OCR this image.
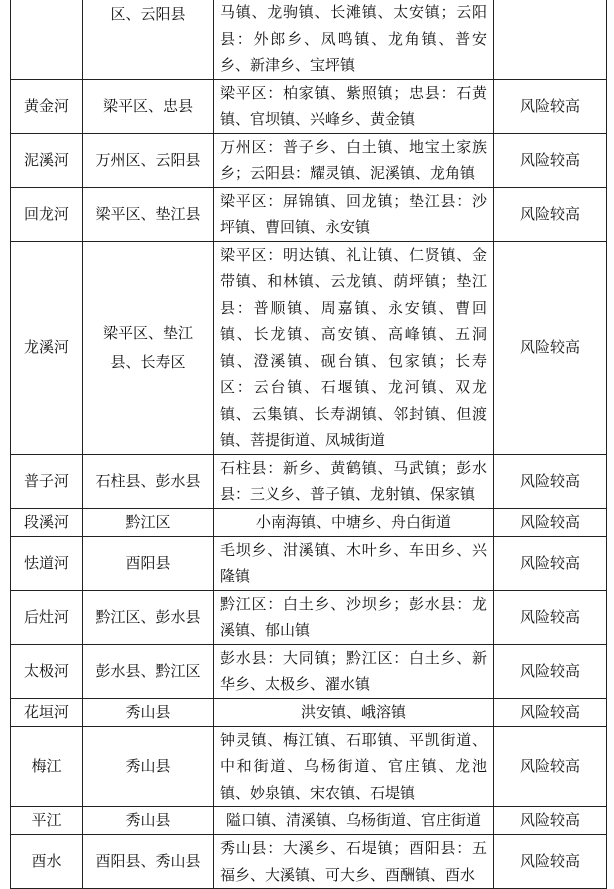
	区、云阳县	马镇、龙驹镇、长滩镇、太安镇；云阳县：外郎乡、凤鸣镇、龙角镇、普安乡、新津乡、宝坪镇	
黄金河	梁平区、忠县	梁平区：柏家镇、紫照镇；忠县：石黄镇、官坝镇、兴峰乡、黄金镇	风险较高
泥溪河	万州区、云阳县	万州区：普子乡、白土镇、地宝土家族乡；云阳县：耀灵镇、泥溪镇、龙角镇	风险较高
回龙河	梁平区、垫江县	梁平区：屏锦镇、回龙镇；垫江县：沙坪镇、曹回镇、永安镇	风险较高
龙溪河	梁平区、垫江县、长寿区	梁平区：明达镇、礼让镇、仁贤镇、金带镇、和林镇、云龙镇、荫坪镇；垫江县：普顺镇、周嘉镇、永安镇、曹回镇、长龙镇、高安镇、高峰镇、五洞镇、澄溪镇、砚台镇、包家镇；长寿区：云台镇、石堰镇、龙河镇、双龙镇、云集镇、长寿湖镇、邻封镇、但渡镇、菩提街道、凤城街道	风险较高
普子河	石柱县、彭水县	石柱县：新乡、黄鹤镇、马武镇；彭水县：三义乡、普子镇、龙射镇、保家镇	风险较高
段溪河	黔江区	小南海镇、中塘乡、舟白街道	风险较高
怯道河	酉阳县	毛坝乡、泔溪镇、木叶乡、车田乡、兴隆镇	风险较高
后灶河	黔江区、彭水县	黔江区：白土乡、沙坝乡；彭水县：龙溪镇、郁山镇	风险较高
太极河	彭水县、黔江区	彭水县：大同镇；黔江区：白土乡、新华乡、太极乡、濯水镇	风险较高
花垣河	秀山县	洪安镇、峨溶镇	风险较高
梅江	秀山县	钟灵镇、梅江镇、石耶镇、平凯街道、中和街道、乌杨街道、官庄镇、龙池镇、妙泉镇、宋农镇、石堤镇	风险较高
平江	秀山县	隘口镇、清溪镇、乌杨街道、官庄街道	风险较高
酉水	酉阳县、秀山县	秀山县：大溪乡、石堤镇；酉阳县：五福乡、大溪镇、可大乡、酉酬镇、酉水	风险较高
